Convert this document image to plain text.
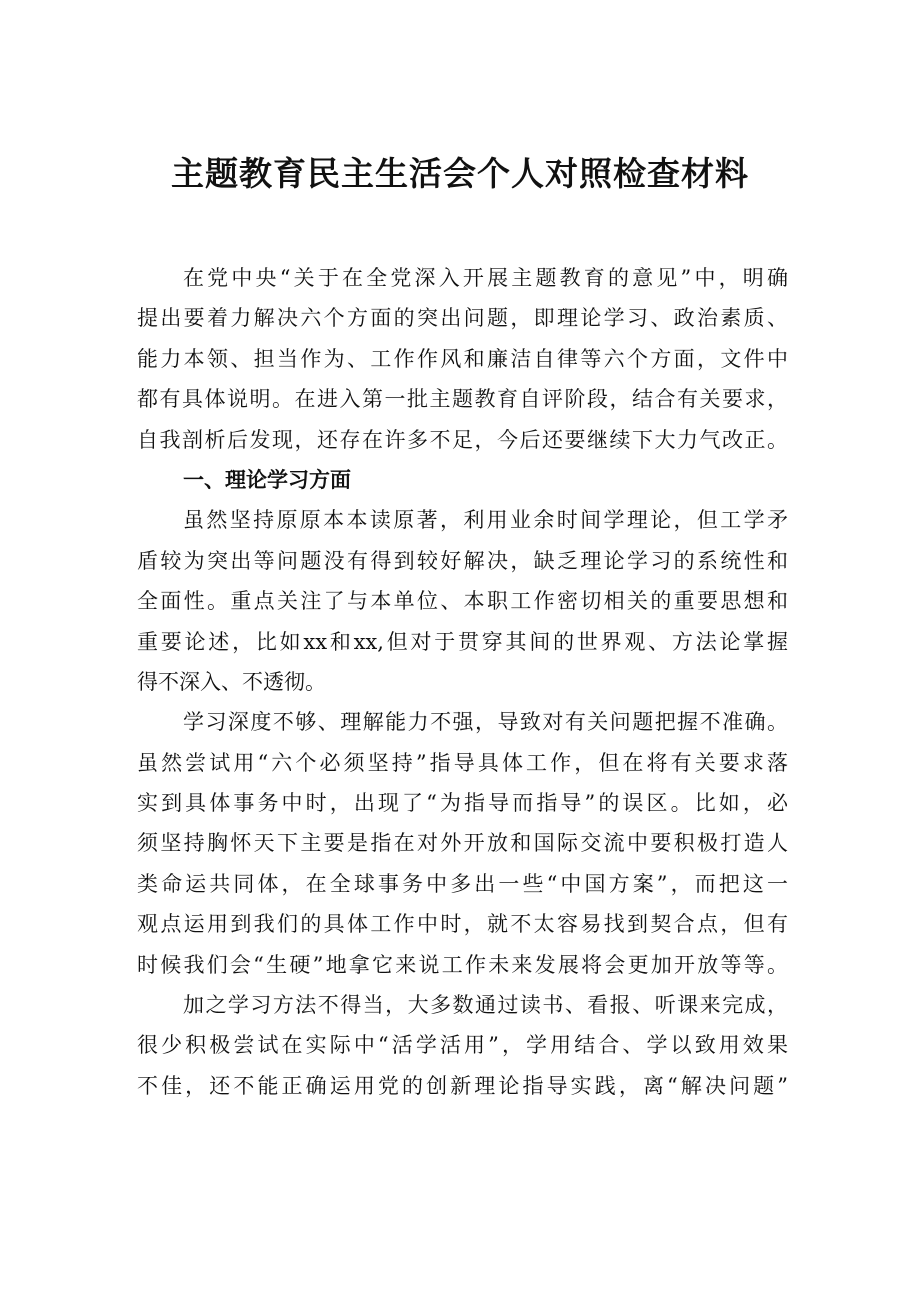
主题教育民主生活会个人对照检查材料
在党中央“关于在全党深入开展主题教育的意见”中，明确
提出要着力解决六个方面的突出问题，即理论学习、政治素质、
能力本领、担当作为、工作作风和廉洁自律等六个方面，文件中
都有具体说明。在进入第一批主题教育自评阶段，结合有关要求，
自我剖析后发现，还存在许多不足，今后还要继续下大力气改正。
一、理论学习方面
虽然坚持原原本本读原著，利用业余时间学理论，但工学矛
盾较为突出等问题没有得到较好解决，缺乏理论学习的系统性和
全面性。重点关注了与本单位、本职工作密切相关的重要思想和
重要论述，比如xx和xx,但对于贯穿其间的世界观、方法论掌握
得不深入、不透彻。
学习深度不够、理解能力不强，导致对有关问题把握不准确。
虽然尝试用“六个必须坚持”指导具体工作，但在将有关要求落
实到具体事务中时，出现了“为指导而指导”的误区。比如，必
须坚持胸怀天下主要是指在对外开放和国际交流中要积极打造人
类命运共同体，在全球事务中多出一些“中国方案”，而把这一
观点运用到我们的具体工作中时，就不太容易找到契合点，但有
时候我们会“生硬”地拿它来说工作未来发展将会更加开放等等。
加之学习方法不得当，大多数通过读书、看报、听课来完成，
很少积极尝试在实际中“活学活用”，学用结合、学以致用效果
不佳，还不能正确运用党的创新理论指导实践，离“解决问题”
